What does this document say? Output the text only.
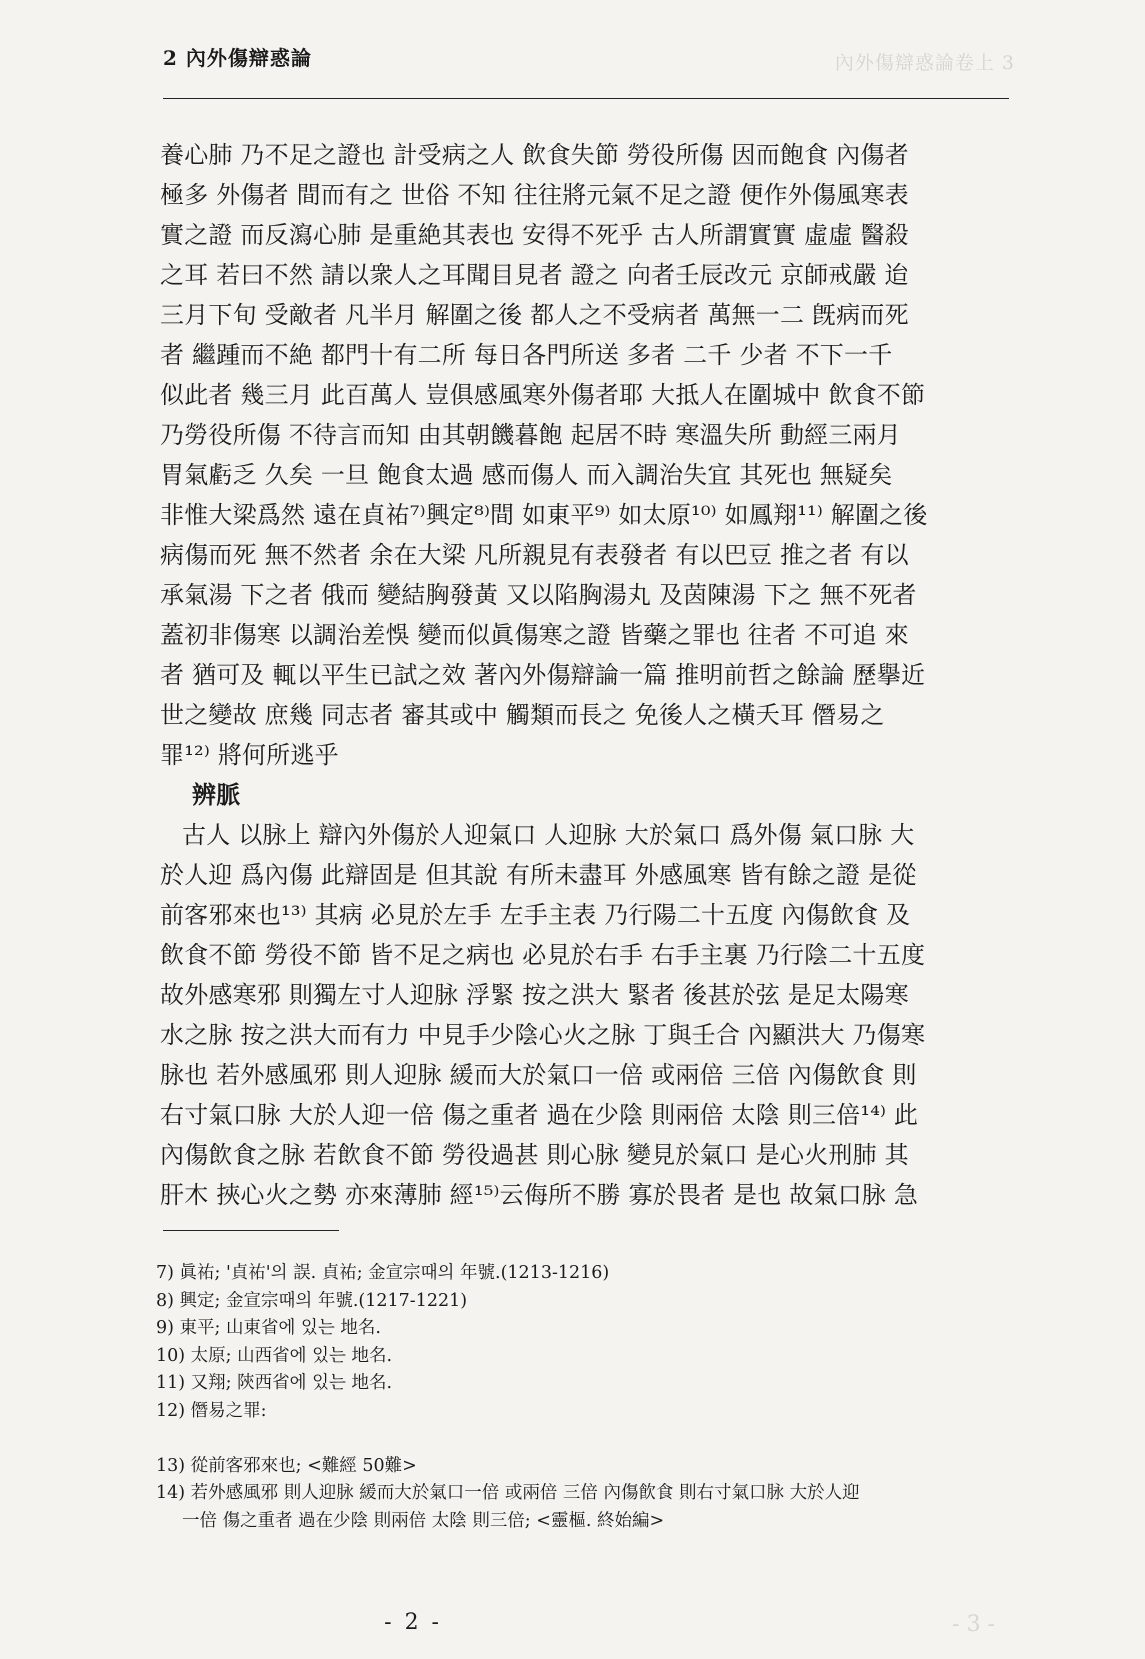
內外傷辯惑論卷上 3
- 3 -
2 內外傷辯惑論
養心肺 乃不足之證也 計受病之人 飲食失節 勞役所傷 因而飽食 內傷者
極多 外傷者 間而有之 世俗 不知 往往將元氣不足之證 便作外傷風寒表
實之證 而反瀉心肺 是重絶其表也 安得不死乎 古人所謂實實 虛虛 醫殺
之耳 若曰不然 請以衆人之耳聞目見者 證之 向者壬辰改元 京師戒嚴 迨
三月下旬 受敵者 凡半月 解圍之後 都人之不受病者 萬無一二 旣病而死
者 繼踵而不絶 都門十有二所 每日各門所送 多者 二千 少者 不下一千
似此者 幾三月 此百萬人 豈俱感風寒外傷者耶 大抵人在圍城中 飲食不節
乃勞役所傷 不待言而知 由其朝饑暮飽 起居不時 寒溫失所 動經三兩月
胃氣虧乏 久矣 一旦 飽食太過 感而傷人 而入調治失宜 其死也 無疑矣
非惟大梁爲然 遠在貞祐⁷⁾興定⁸⁾間 如東平⁹⁾ 如太原¹⁰⁾ 如鳳翔¹¹⁾ 解圍之後
病傷而死 無不然者 余在大梁 凡所親見有表發者 有以巴豆 推之者 有以
承氣湯 下之者 俄而 變結胸發黃 又以陷胸湯丸 及茵陳湯 下之 無不死者
蓋初非傷寒 以調治差悞 變而似眞傷寒之證 皆藥之罪也 往者 不可追 來
者 猶可及 輒以平生已試之效 著內外傷辯論一篇 推明前哲之餘論 歷擧近
世之變故 庶幾 同志者 審其或中 觸類而長之 免後人之橫夭耳 僭易之
罪¹²⁾ 將何所逃乎
辨脈
古人 以脉上 辯內外傷於人迎氣口 人迎脉 大於氣口 爲外傷 氣口脉 大
於人迎 爲內傷 此辯固是 但其說 有所未盡耳 外感風寒 皆有餘之證 是從
前客邪來也¹³⁾ 其病 必見於左手 左手主表 乃行陽二十五度 內傷飲食 及
飲食不節 勞役不節 皆不足之病也 必見於右手 右手主裏 乃行陰二十五度
故外感寒邪 則獨左寸人迎脉 浮緊 按之洪大 緊者 後甚於弦 是足太陽寒
水之脉 按之洪大而有力 中見手少陰心火之脉 丁與壬合 內顯洪大 乃傷寒
脉也 若外感風邪 則人迎脉 緩而大於氣口一倍 或兩倍 三倍 內傷飲食 則
右寸氣口脉 大於人迎一倍 傷之重者 過在少陰 則兩倍 太陰 則三倍¹⁴⁾ 此
內傷飲食之脉 若飲食不節 勞役過甚 則心脉 變見於氣口 是心火刑肺 其
肝木 挾心火之勢 亦來薄肺 經¹⁵⁾云侮所不勝 寡於畏者 是也 故氣口脉 急
7) 眞祐; '貞祐'의 誤. 貞祐; 金宣宗때의 年號.(1213-1216)
8) 興定; 金宣宗때의 年號.(1217-1221)
9) 東平; 山東省에 있는 地名.
10) 太原; 山西省에 있는 地名.
11) 又翔; 陝西省에 있는 地名.
12) 僭易之罪:
13) 從前客邪來也; <難經 50難>
14) 若外感風邪 則人迎脉 緩而大於氣口一倍 或兩倍 三倍 內傷飮食 則右寸氣口脉 大於人迎
一倍 傷之重者 過在少陰 則兩倍 太陰 則三倍; <靈樞. 終始編>
- 2 -
